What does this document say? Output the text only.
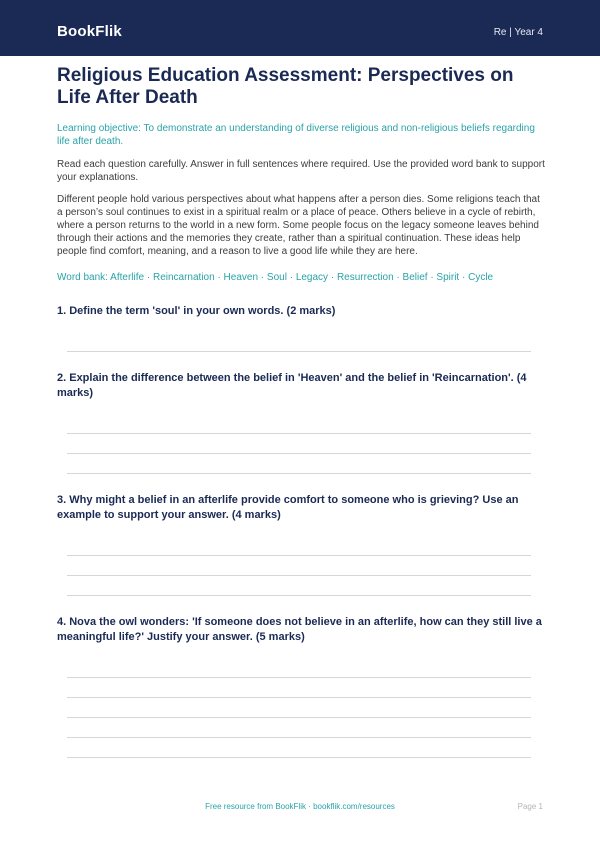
BookFlik	Re | Year 4
Religious Education Assessment: Perspectives on Life After Death
Learning objective: To demonstrate an understanding of diverse religious and non-religious beliefs regarding life after death.
Read each question carefully. Answer in full sentences where required. Use the provided word bank to support your explanations.
Different people hold various perspectives about what happens after a person dies. Some religions teach that a person’s soul continues to exist in a spiritual realm or a place of peace. Others believe in a cycle of rebirth, where a person returns to the world in a new form. Some people focus on the legacy someone leaves behind through their actions and the memories they create, rather than a spiritual continuation. These ideas help people find comfort, meaning, and a reason to live a good life while they are here.
Word bank: Afterlife · Reincarnation · Heaven · Soul · Legacy · Resurrection · Belief · Spirit · Cycle
1. Define the term 'soul' in your own words. (2 marks)
2. Explain the difference between the belief in 'Heaven' and the belief in 'Reincarnation'. (4 marks)
3. Why might a belief in an afterlife provide comfort to someone who is grieving? Use an example to support your answer. (4 marks)
4. Nova the owl wonders: 'If someone does not believe in an afterlife, how can they still live a meaningful life?' Justify your answer. (5 marks)
Free resource from BookFlik · bookflik.com/resources	Page 1
